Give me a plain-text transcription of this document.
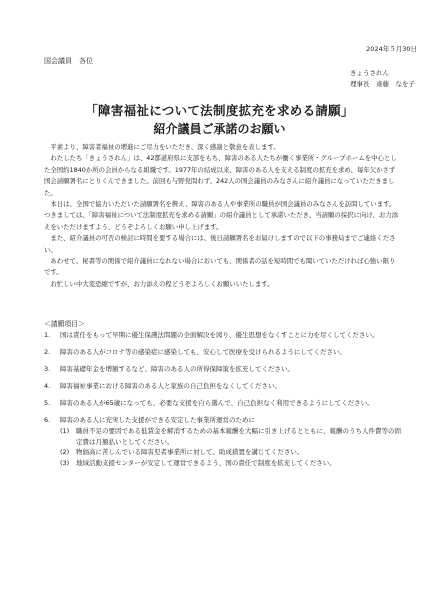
2024年５月30日
国会議員　各位
きょうされん
理事長　斎藤　なを子
「障害福祉について法制度拡充を求める請願」
紹介議員ご承諾のお願い

平素より、障害者福祉の増進にご尽力をいただき、深く感謝と敬意を表します。

わたしたち「きょうされん」は、42都道府県に支部をもち、障害のある人たちが働く事業所・グループホームを中心とした全国約1840か所の会員からなる組織です。1977年の結成以来、障害のある人を支える制度の拡充を求め、毎年欠かさず国会請願署名にとりくんできました。前回も与野党問わず、242人の国会議員のみなさんに紹介議員になっていただきました。

本日は、全国で協力いただいた請願署名を携え、障害のある人や事業所の職員が国会議員のみなさんを訪問しています。つきましては、「障害福祉について法制度拡充を求める請願」の紹介議員として承諾いただき、当請願の採択に向け、お力添えをいただけますよう、どうぞよろしくお願い申し上げます。

また、紹介議員の可否の検討に時間を要する場合には、後日請願署名をお届けしますので以下の事務局までご連絡ください。

あわせて、秘書等の関係で紹介議員になれない場合においても、関係者の話を短時間でも聞いていただければ心強い限りです。

お忙しい中大変恐縮ですが、お力添えの程どうぞよろしくお願いいたします。

＜請願項目＞
1. 国は責任をもって早期に優生保護法問題の全面解決を図り、優生思想をなくすことに力を尽くしてください。
2. 障害のある人がコロナ等の感染症に感染しても、安心して医療を受けられるようにしてください。
3. 障害基礎年金を増額するなど、障害のある人の所得保障策を拡充してください。
4. 障害福祉事業における障害のある人と家族の自己負担をなくしてください。
5. 障害のある人が65歳になっても、必要な支援を自ら選んで、自己負担なく利用できるようにしてください。
6. 障害のある人に充実した支援ができる安定した事業所運営のために
(1) 職員不足の要因である低賃金を解消するための基本報酬を大幅に引き上げるとともに、報酬のうち人件費等の固定費は月額払いとしてください。
(2) 物価高に苦しんでいる障害児者事業所に対して、助成措置を講じてください。
(3) 地域活動支援センターが安定して運営できるよう、国の責任で制度を拡充してください。
